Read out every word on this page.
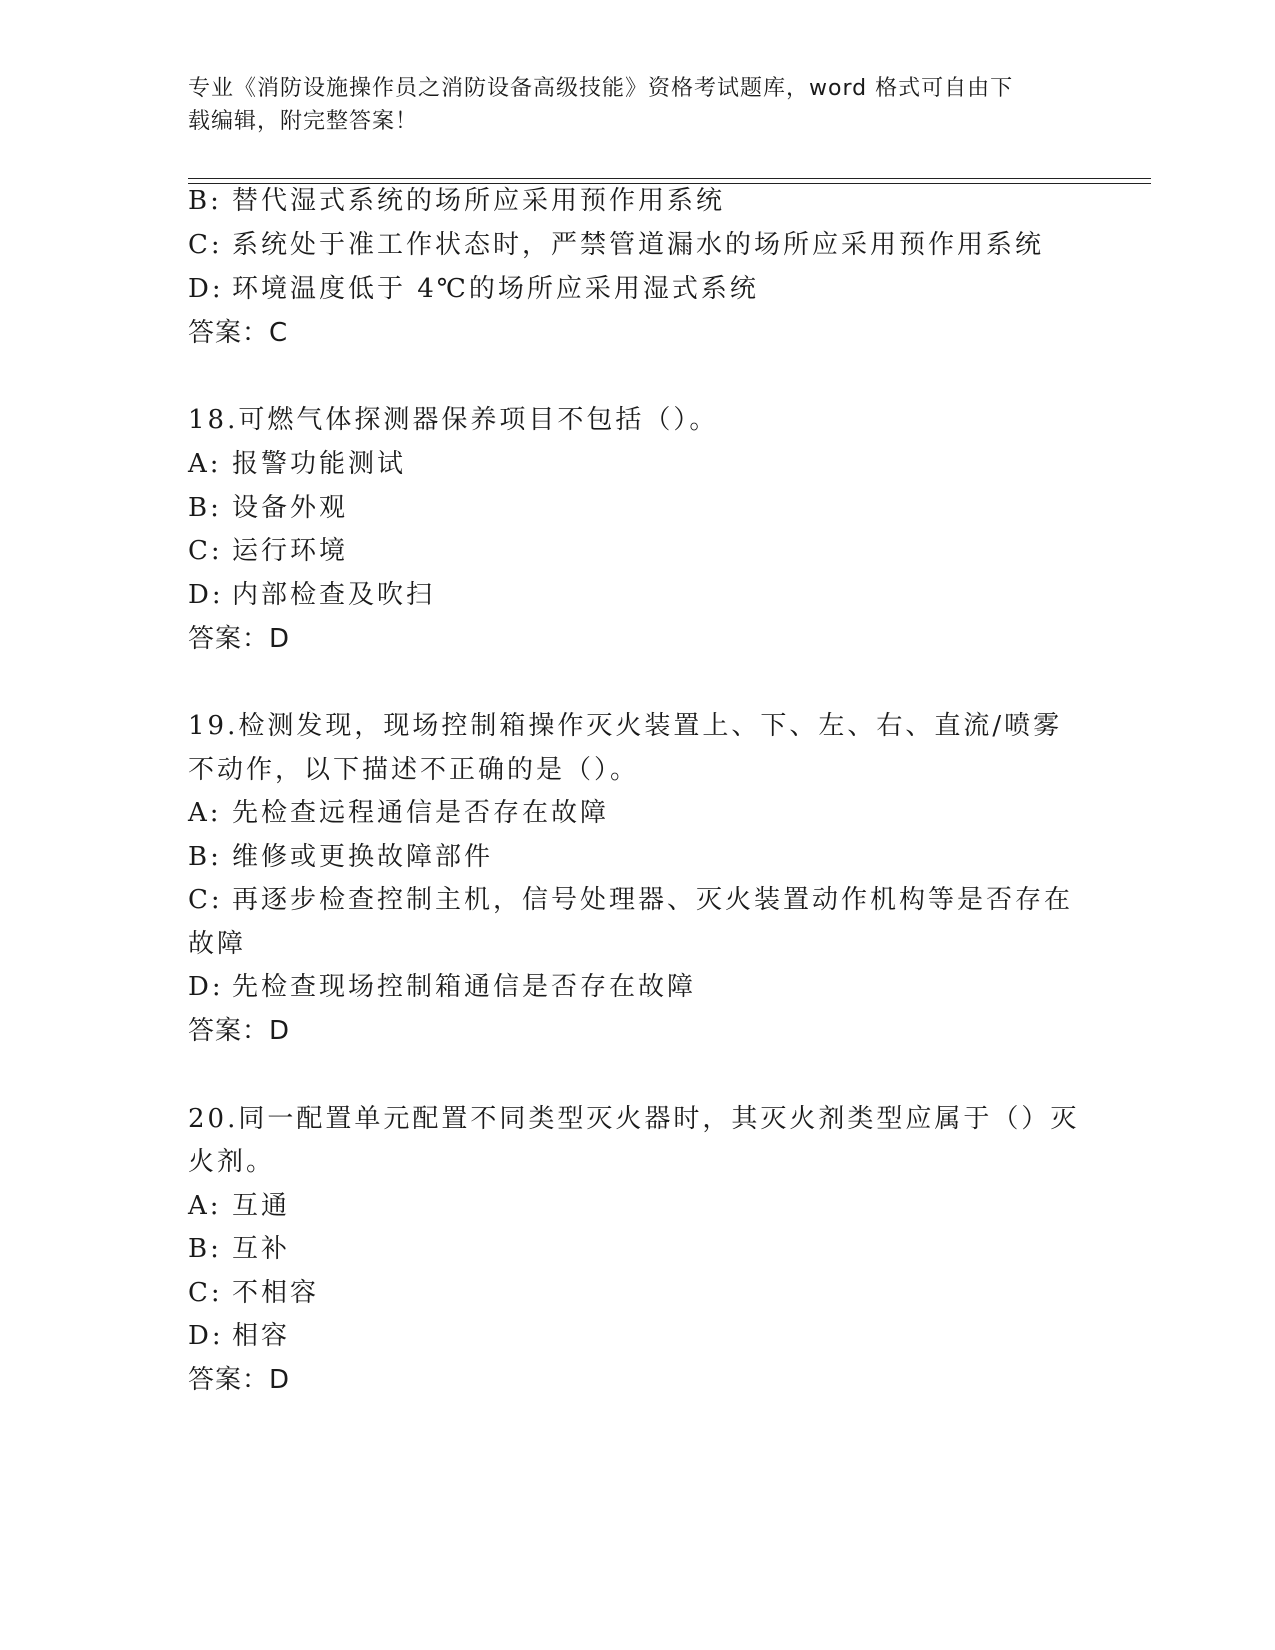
专业《消防设施操作员之消防设备高级技能》资格考试题库，word 格式可自由下
载编辑，附完整答案！
B: 替代湿式系统的场所应采用预作用系统
C: 系统处于准工作状态时，严禁管道漏水的场所应采用预作用系统
D: 环境温度低于 4℃的场所应采用湿式系统
答案：C
18.可燃气体探测器保养项目不包括（）。
A: 报警功能测试
B: 设备外观
C: 运行环境
D: 内部检查及吹扫
答案：D
19.检测发现，现场控制箱操作灭火装置上、下、左、右、直流/喷雾
不动作，以下描述不正确的是（）。
A: 先检查远程通信是否存在故障
B: 维修或更换故障部件
C: 再逐步检查控制主机，信号处理器、灭火装置动作机构等是否存在
故障
D: 先检查现场控制箱通信是否存在故障
答案：D
20.同一配置单元配置不同类型灭火器时，其灭火剂类型应属于（）灭
火剂。
A: 互通
B: 互补
C: 不相容
D: 相容
答案：D
